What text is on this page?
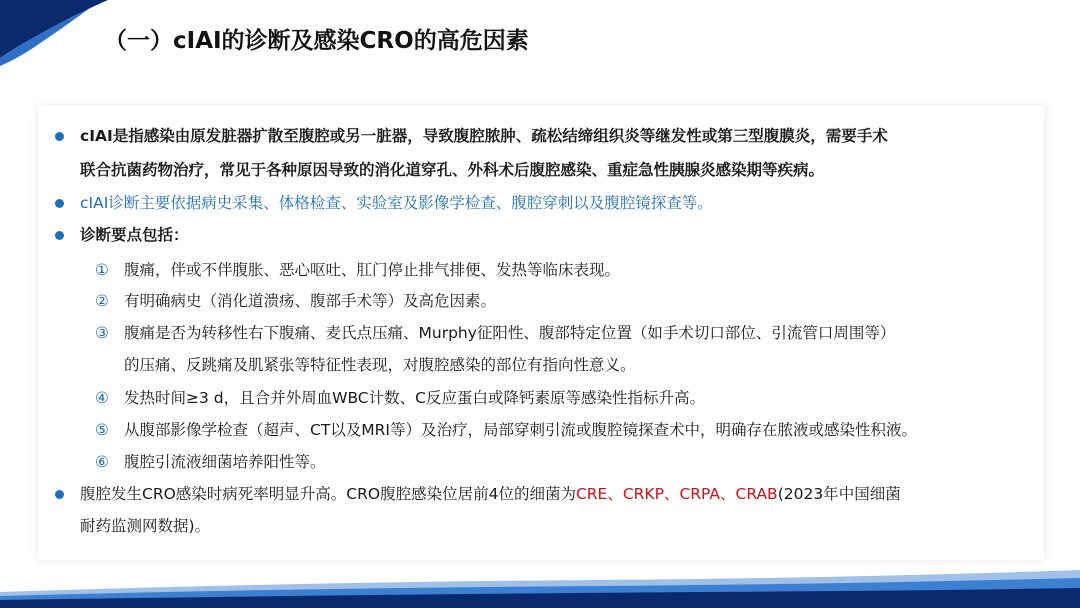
（一）cIAI的诊断及感染CRO的高危因素
cIAI是指感染由原发脏器扩散至腹腔或另一脏器，导致腹腔脓肿、疏松结缔组织炎等继发性或第三型腹膜炎，需要手术
联合抗菌药物治疗，常见于各种原因导致的消化道穿孔、外科术后腹腔感染、重症急性胰腺炎感染期等疾病。
cIAI诊断主要依据病史采集、体格检查、实验室及影像学检查、腹腔穿刺以及腹腔镜探查等。
诊断要点包括：
① 腹痛，伴或不伴腹胀、恶心呕吐、肛门停止排气排便、发热等临床表现。
② 有明确病史（消化道溃疡、腹部手术等）及高危因素。
③ 腹痛是否为转移性右下腹痛、麦氏点压痛、Murphy征阳性、腹部特定位置（如手术切口部位、引流管口周围等）
的压痛、反跳痛及肌紧张等特征性表现，对腹腔感染的部位有指向性意义。
④ 发热时间≥3 d，且合并外周血WBC计数、C反应蛋白或降钙素原等感染性指标升高。
⑤ 从腹部影像学检查（超声、CT以及MRI等）及治疗，局部穿刺引流或腹腔镜探查术中，明确存在脓液或感染性积液。
⑥ 腹腔引流液细菌培养阳性等。
腹腔发生CRO感染时病死率明显升高。CRO腹腔感染位居前4位的细菌为CRE、CRKP、CRPA、CRAB(2023年中国细菌
耐药监测网数据)。
